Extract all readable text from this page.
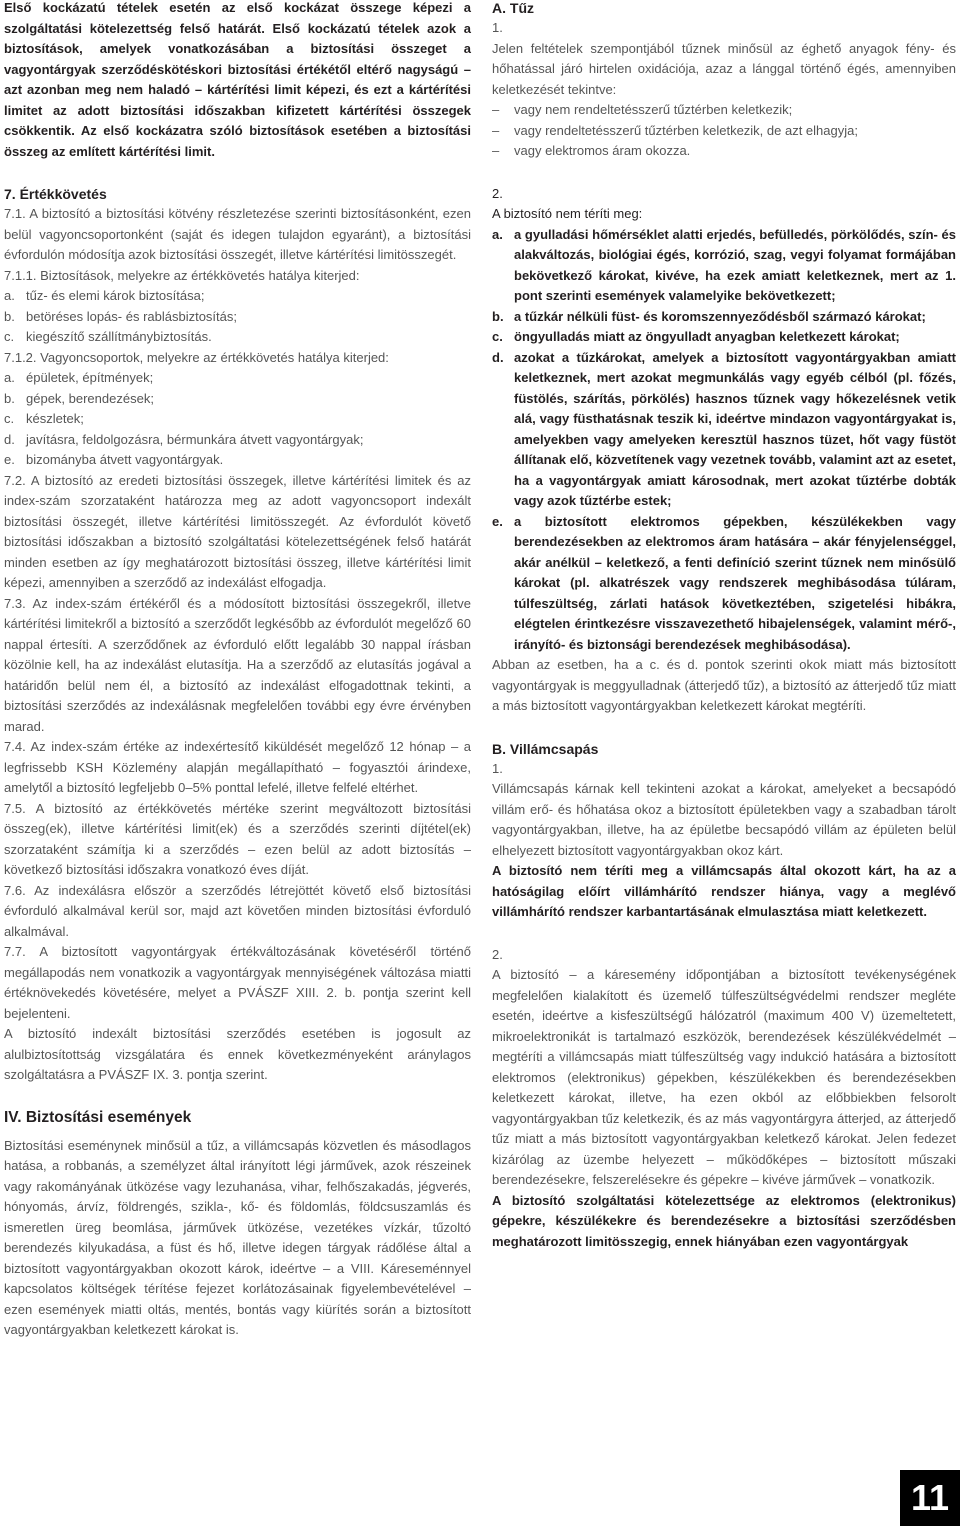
Első kockázatú tételek esetén az első kockázat összege képezi a szolgáltatási kötelezettség felső határát. Első kockázatú tételek azok a biztosítások, amelyek vonatkozásában a biztosítási összeget a vagyontárgyak szerződéskötéskori biztosítási értékétől eltérő nagyságú – azt azonban meg nem haladó – kártérítési limit képezi, és ezt a kártérítési limitet az adott biztosítási időszakban kifizetett kártérítési összegek csökkentik. Az első kockázatra szóló biztosítások esetében a biztosítási összeg az említett kártérítési limit.

7. Értékkövetés

7.1. A biztosító a biztosítási kötvény részletezése szerinti biztosításonként, ezen belül vagyoncsoportonként (saját és idegen tulajdon egyaránt), a biztosítási évfordulón módosítja azok biztosítási összegét, illetve kártérítési limitösszegét.

7.1.1. Biztosítások, melyekre az értékkövetés hatálya kiterjed:

a. tűz- és elemi károk biztosítása;
b. betöréses lopás- és rablásbiztosítás;
c. kiegészítő szállítmánybiztosítás.

7.1.2. Vagyoncsoportok, melyekre az értékkövetés hatálya kiterjed:

a. épületek, építmények;
b. gépek, berendezések;
c. készletek;
d. javításra, feldolgozásra, bérmunkára átvett vagyontárgyak;
e. bizományba átvett vagyontárgyak.

7.2. A biztosító az eredeti biztosítási összegek, illetve kártérítési limitek és az index-szám szorzataként határozza meg az adott vagyoncsoport indexált biztosítási összegét, illetve kártérítési limitösszegét. Az évfordulót követő biztosítási időszakban a biztosító szolgáltatási kötelezettségének felső határát minden esetben az így meghatározott biztosítási összeg, illetve kártérítési limit képezi, amennyiben a szerződő az indexálást elfogadja.

7.3. Az index-szám értékéről és a módosított biztosítási összegekről, illetve kártérítési limitekről a biztosító a szerződőt legkésőbb az évfordulót megelőző 60 nappal értesíti. A szerződőnek az évforduló előtt legalább 30 nappal írásban közölnie kell, ha az indexálást elutasítja. Ha a szerződő az elutasítás jogával a határidőn belül nem él, a biztosító az indexálást elfogadottnak tekinti, a biztosítási szerződés az indexálásnak megfelelően további egy évre érvényben marad.

7.4. Az index-szám értéke az indexértesítő kiküldését megelőző 12 hónap – a legfrissebb KSH Közlemény alapján megállapítható – fogyasztói árindexe, amelytől a biztosító legfeljebb 0–5% ponttal lefelé, illetve felfelé eltérhet.

7.5. A biztosító az értékkövetés mértéke szerint megváltozott biztosítási összeg(ek), illetve kártérítési limit(ek) és a szerződés szerinti díjtétel(ek) szorzataként számítja ki a szerződés – ezen belül az adott biztosítás – következő biztosítási időszakra vonatkozó éves díját.

7.6. Az indexálásra először a szerződés létrejöttét követő első biztosítási évforduló alkalmával kerül sor, majd azt követően minden biztosítási évforduló alkalmával.

7.7. A biztosított vagyontárgyak értékváltozásának követéséről történő megállapodás nem vonatkozik a vagyontárgyak mennyiségének változása miatti értéknövekedés követésére, melyet a PVÁSZF XIII. 2. b. pontja szerint kell bejelenteni.

A biztosító indexált biztosítási szerződés esetében is jogosult az alulbiztosítottság vizsgálatára és ennek következményeként aránylagos szolgáltatásra a PVÁSZF IX. 3. pontja szerint.

IV. Biztosítási események

Biztosítási eseménynek minősül a tűz, a villámcsapás közvetlen és másodlagos hatása, a robbanás, a személyzet által irányított légi járművek, azok részeinek vagy rakományának ütközése vagy lezuhanása, vihar, felhőszakadás, jégverés, hónyomás, árvíz, földrengés, szikla-, kő- és földomlás, földcsuszamlás és ismeretlen üreg beomlása, járművek ütközése, vezetékes vízkár, tűzoltó berendezés kilyukadása, a füst és hő, illetve idegen tárgyak rádőlése által a biztosított vagyontárgyakban okozott károk, ideértve – a VIII. Káreseménnyel kapcsolatos költségek térítése fejezet korlátozásainak figyelembevételével – ezen események miatti oltás, mentés, bontás vagy kiürítés során a biztosított vagyontárgyakban keletkezett károkat is.

A. Tűz

1.

Jelen feltételek szempontjából tűznek minősül az éghető anyagok fény- és hőhatással járó hirtelen oxidációja, azaz a lánggal történő égés, amennyiben keletkezését tekintve:

–	vagy nem rendeltetésszerű tűztérben keletkezik;
–	vagy rendeltetésszerű tűztérben keletkezik, de azt elhagyja;
–	vagy elektromos áram okozza.

2.

A biztosító nem téríti meg:

a. a gyulladási hőmérséklet alatti erjedés, befülledés, pörkölődés, szín- és alakváltozás, biológiai égés, korrózió, szag, vegyi folyamat formájában bekövetkező károkat, kivéve, ha ezek amiatt keletkeznek, mert az 1. pont szerinti események valamelyike bekövetkezett;
b. a tűzkár nélküli füst- és koromszennyeződésből származó károkat;
c. öngyulladás miatt az öngyulladt anyagban keletkezett károkat;
d. azokat a tűzkárokat, amelyek a biztosított vagyontárgyakban amiatt keletkeznek, mert azokat megmunkálás vagy egyéb célból (pl. főzés, füstölés, szárítás, pörkölés) hasznos tűznek vagy hőkezelésnek vetik alá, vagy füsthatásnak teszik ki, ideértve mindazon vagyontárgyakat is, amelyekben vagy amelyeken keresztül hasznos tüzet, hőt vagy füstöt állítanak elő, közvetítenek vagy vezetnek tovább, valamint azt az esetet, ha a vagyontárgyak amiatt károsodnak, mert azokat tűztérbe dobták vagy azok tűztérbe estek;
e. a biztosított elektromos gépekben, készülékekben vagy berendezésekben az elektromos áram hatására – akár fényjelenséggel, akár anélkül – keletkező, a fenti definíció szerint tűznek nem minősülő károkat (pl. alkatrészek vagy rendszerek meghibásodása túláram, túlfeszültség, zárlati hatások következtében, szigetelési hibákra, elégtelen érintkezésre visszavezethető hibajelenségek, valamint mérő-, irányító- és biztonsági berendezések meghibásodása).

Abban az esetben, ha a c. és d. pontok szerinti okok miatt más biztosított vagyontárgyak is meggyulladnak (átterjedő tűz), a biztosító az átterjedő tűz miatt a más biztosított vagyontárgyakban keletkezett károkat megtéríti.

B. Villámcsapás

1.

Villámcsapás kárnak kell tekinteni azokat a károkat, amelyeket a becsapódó villám erő- és hőhatása okoz a biztosított épületekben vagy a szabadban tárolt vagyontárgyakban, illetve, ha az épületbe becsapódó villám az épületen belül elhelyezett biztosított vagyontárgyakban okoz kárt.

A biztosító nem téríti meg a villámcsapás által okozott kárt, ha az a hatóságilag előírt villámhárító rendszer hiánya, vagy a meglévő villámhárító rendszer karbantartásának elmulasztása miatt keletkezett.

2.

A biztosító – a káresemény időpontjában a biztosított tevékenységének megfelelően kialakított és üzemelő túlfeszültségvédelmi rendszer megléte esetén, ideértve a kisfeszültségű hálózatról (maximum 400 V) üzemeltetett, mikroelektronikát is tartalmazó eszközök, berendezések készülékvédelmét – megtéríti a villámcsapás miatt túlfeszültség vagy indukció hatására a biztosított elektromos (elektronikus) gépekben, készülékekben és berendezésekben keletkezett károkat, illetve, ha ezen okból az előbbiekben felsorolt vagyontárgyakban tűz keletkezik, és az más vagyontárgyra átterjed, az átterjedő tűz miatt a más biztosított vagyontárgyakban keletkező károkat. Jelen fedezet kizárólag az üzembe helyezett – működőképes – biztosított műszaki berendezésekre, felszerelésekre és gépekre – kivéve járművek – vonatkozik.

A biztosító szolgáltatási kötelezettsége az elektromos (elektronikus) gépekre, készülékekre és berendezésekre a biztosítási szerződésben meghatározott limitösszegig, ennek hiányában ezen vagyontárgyak

11
